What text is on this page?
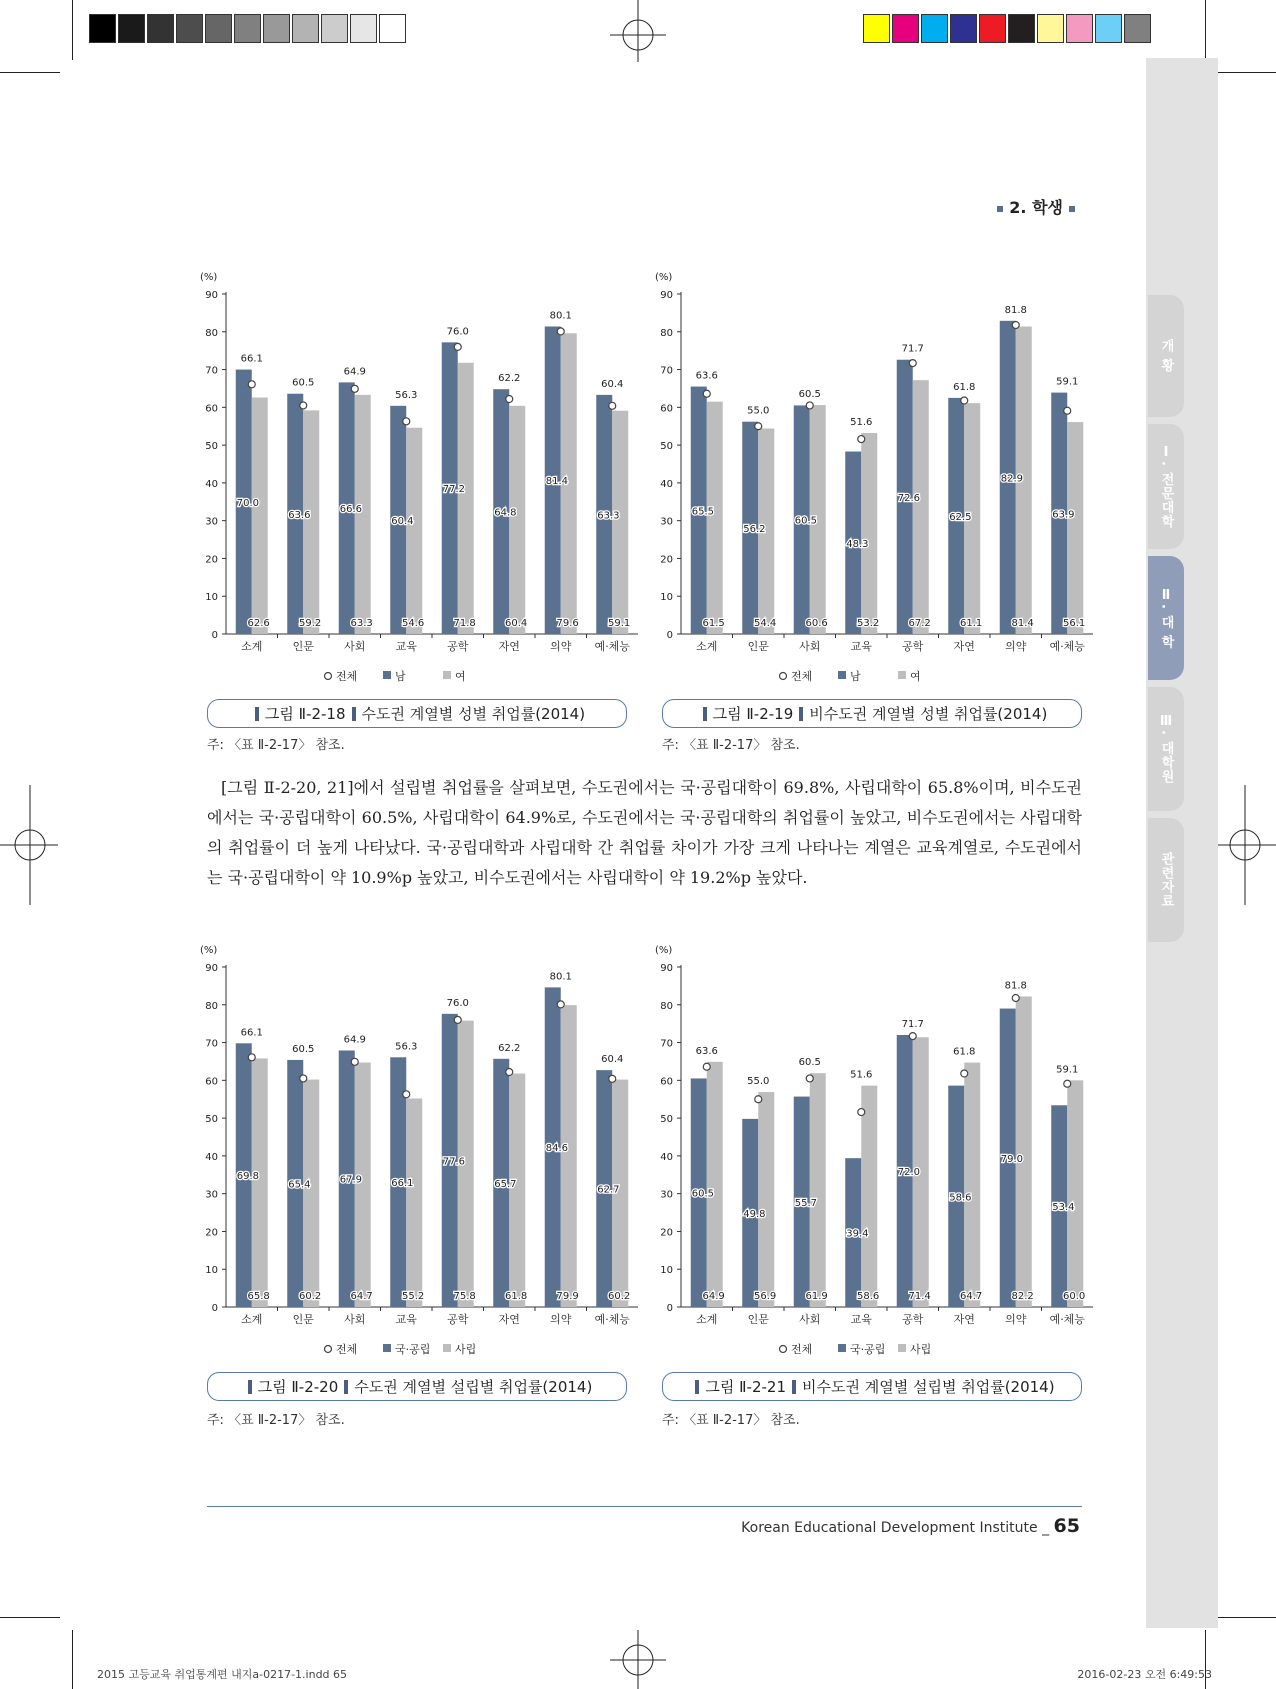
개 황
Ⅰ. 전문대학
Ⅱ. 대 학
Ⅲ. 대학원
관련자료
2. 학생
(%)
0
10
20
30
40
50
60
70
80
90
소계
70.0
62.6
66.1
인문
63.6
59.2
60.5
사회
66.6
63.3
64.9
교육
60.4
54.6
56.3
공학
77.2
71.8
76.0
자연
64.8
60.4
62.2
의약
81.4
79.6
80.1
예·체능
63.3
59.1
60.4
전체	남	여
(%)
0
10
20
30
40
50
60
70
80
90
소계
65.5
61.5
63.6
인문
56.2
54.4
55.0
사회
60.5
60.6
60.5
교육
48.3
53.2
51.6
공학
72.6
67.2
71.7
자연
62.5
61.1
61.8
의약
82.9
81.4
81.8
예·체능
63.9
56.1
59.1
전체	남	여
(%)
0
10
20
30
40
50
60
70
80
90
소계
69.8
65.8
66.1
인문
65.4
60.2
60.5
사회
67.9
64.7
64.9
교육
66.1
55.2
56.3
공학
77.6
75.8
76.0
자연
65.7
61.8
62.2
의약
84.6
79.9
80.1
예·체능
62.7
60.2
60.4
전체	국·공립 사립
(%)
0
10
20
30
40
50
60
70
80
90
소계
60.5
64.9
63.6
인문
49.8
56.9
55.0
사회
55.7
61.9
60.5
교육
39.4
58.6
51.6
공학
72.0
71.4
71.7
자연
58.6
64.7
61.8
의약
79.0
82.2
81.8
예·체능
53.4
60.0
59.1
전체	국·공립 사립
그림 Ⅱ-2-18 수도권 계열별 성별 취업률(2014)	그림 Ⅱ-2-19 비수도권 계열별 성별 취업률(2014)
그림 Ⅱ-2-20 수도권 계열별 설립별 취업률(2014)	그림 Ⅱ-2-21 비수도권 계열별 설립별 취업률(2014)
주: 〈표 Ⅱ-2-17〉 참조.	주: 〈표 Ⅱ-2-17〉 참조.
주: 〈표 Ⅱ-2-17〉 참조.	주: 〈표 Ⅱ-2-17〉 참조.

[그림 Ⅱ-2-20, 21]에서 설립별 취업률을 살펴보면, 수도권에서는 국·공립대학이 69.8%, 사립대학이 65.8%이며, 비수도권에서는 국·공립대학이 60.5%, 사립대학이 64.9%로, 수도권에서는 국·공립대학의 취업률이 높았고, 비수도권에서는 사립대학의 취업률이 더 높게 나타났다. 국·공립대학과 사립대학 간 취업률 차이가 가장 크게 나타나는 계열은 교육계열로, 수도권에서는 국·공립대학이 약 10.9%p 높았고, 비수도권에서는 사립대학이 약 19.2%p 높았다.

Korean Educational Development Institute _ 65
2015 고등교육 취업통계편 내지a-0217-1.indd 65	2016-02-23 오전 6:49:53
